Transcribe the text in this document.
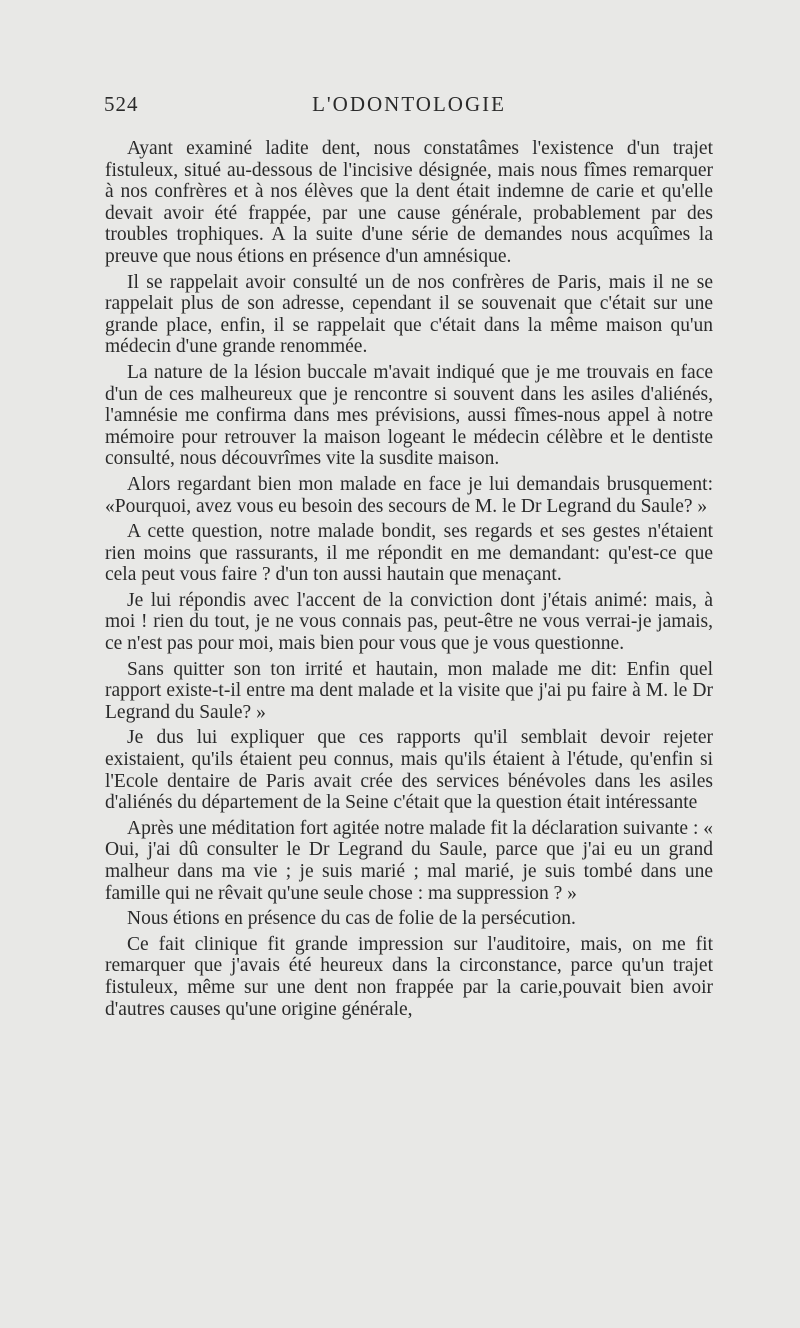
524	L'ODONTOLOGIE

Ayant examiné ladite dent, nous constatâmes l'existence d'un trajet fistuleux, situé au-dessous de l'incisive désignée, mais nous fîmes remarquer à nos confrères et à nos élèves que la dent était indemne de carie et qu'elle devait avoir été frappée, par une cause générale, probablement par des troubles trophiques. A la suite d'une série de demandes nous acquîmes la preuve que nous étions en présence d'un amnésique.

Il se rappelait avoir consulté un de nos confrères de Paris, mais il ne se rappelait plus de son adresse, cependant il se souvenait que c'était sur une grande place, enfin, il se rappelait que c'était dans la même maison qu'un médecin d'une grande renommée.

La nature de la lésion buccale m'avait indiqué que je me trouvais en face d'un de ces malheureux que je rencontre si souvent dans les asiles d'aliénés, l'amnésie me confirma dans mes prévisions, aussi fîmes-nous appel à notre mémoire pour retrouver la maison logeant le médecin célèbre et le dentiste consulté, nous découvrîmes vite la susdite maison.

Alors regardant bien mon malade en face je lui demandais brusquement: «Pourquoi, avez vous eu besoin des secours de M. le Dr Legrand du Saule? »

A cette question, notre malade bondit, ses regards et ses gestes n'étaient rien moins que rassurants, il me répondit en me demandant: qu'est-ce que cela peut vous faire ? d'un ton aussi hautain que menaçant.

Je lui répondis avec l'accent de la conviction dont j'étais animé: mais, à moi ! rien du tout, je ne vous connais pas, peut-être ne vous verrai-je jamais, ce n'est pas pour moi, mais bien pour vous que je vous questionne.

Sans quitter son ton irrité et hautain, mon malade me dit: Enfin quel rapport existe-t-il entre ma dent malade et la visite que j'ai pu faire à M. le Dr Legrand du Saule? »

Je dus lui expliquer que ces rapports qu'il semblait devoir rejeter existaient, qu'ils étaient peu connus, mais qu'ils étaient à l'étude, qu'enfin si l'Ecole dentaire de Paris avait crée des services bénévoles dans les asiles d'aliénés du département de la Seine c'était que la question était intéressante

Après une méditation fort agitée notre malade fit la déclaration suivante : « Oui, j'ai dû consulter le Dr Legrand du Saule, parce que j'ai eu un grand malheur dans ma vie ; je suis marié ; mal marié, je suis tombé dans une famille qui ne rêvait qu'une seule chose : ma suppression ? »

Nous étions en présence du cas de folie de la persécution.

Ce fait clinique fit grande impression sur l'auditoire, mais, on me fit remarquer que j'avais été heureux dans la circonstance, parce qu'un trajet fistuleux, même sur une dent non frappée par la carie,pouvait bien avoir d'autres causes qu'une origine générale,
